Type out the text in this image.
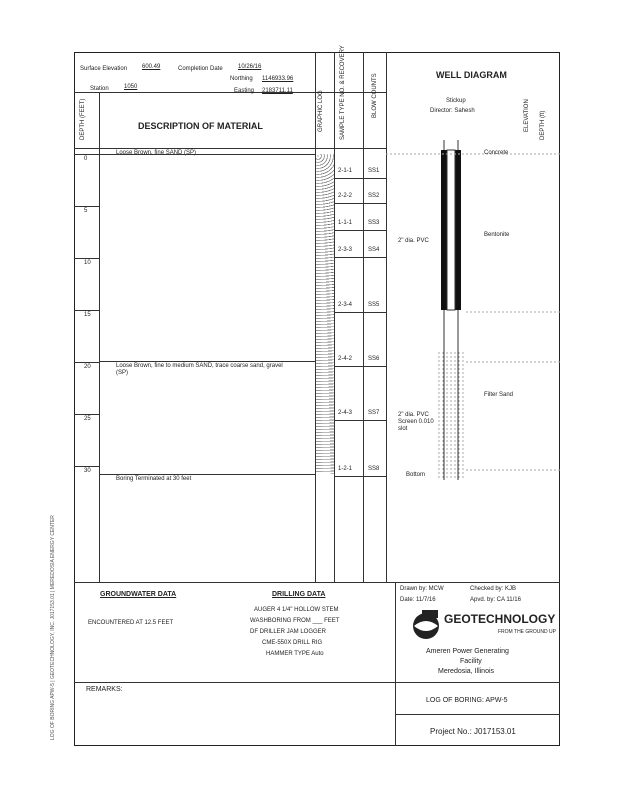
LOG OF BORING APW-5 | GEOTECHNOLOGY, INC. J017153.01 | MEREDOSIA ENERGY CENTER
Surface Elevation 600.49	Completion Date	10/26/16
Station	1050
Northing 1146933.96
Easting 2183711.11
DEPTH (FEET)	DESCRIPTION OF MATERIAL	GRAPHIC LOG	SAMPLE TYPE NO. & RECOVERY	BLOW COUNTS	WELL DIAGRAM
Stickup
Director: Sahesh	ELEVATION DEPTH (ft)
0
5
10
15
20
25
30
Loose Brown, fine SAND (SP)
Loose Brown, fine to medium SAND, trace coarse sand, gravel (SP)
Boring Terminated at 30 feet
2-1-1	SS1
2-2-2	SS2
1-1-1	SS3
2-3-3	SS4
2-3-4	SS5
2-4-2	SS6
2-4-3	SS7
1-2-1	SS8
2" dia. PVC
2" dia. PVC Screen 0.010 slot
Bottom
Concrete
Bentonite
Filter Sand
GROUNDWATER DATA
ENCOUNTERED AT 12.5 FEET
DRILLING DATA
AUGER 4 1/4" HOLLOW STEM
WASHBORING FROM ___ FEET
DF DRILLER JAM LOGGER
CME-550X DRILL RIG
HAMMER TYPE Auto
Drawn by: MCW	Checked by: KJB
Date: 11/7/16	Apvd. by: CA 11/16
GEOTECHNOLOGY
FROM THE GROUND UP
Ameren Power Generating
Facility
Meredosia, Illinois
REMARKS:
LOG OF BORING: APW-5
Project No.: J017153.01
